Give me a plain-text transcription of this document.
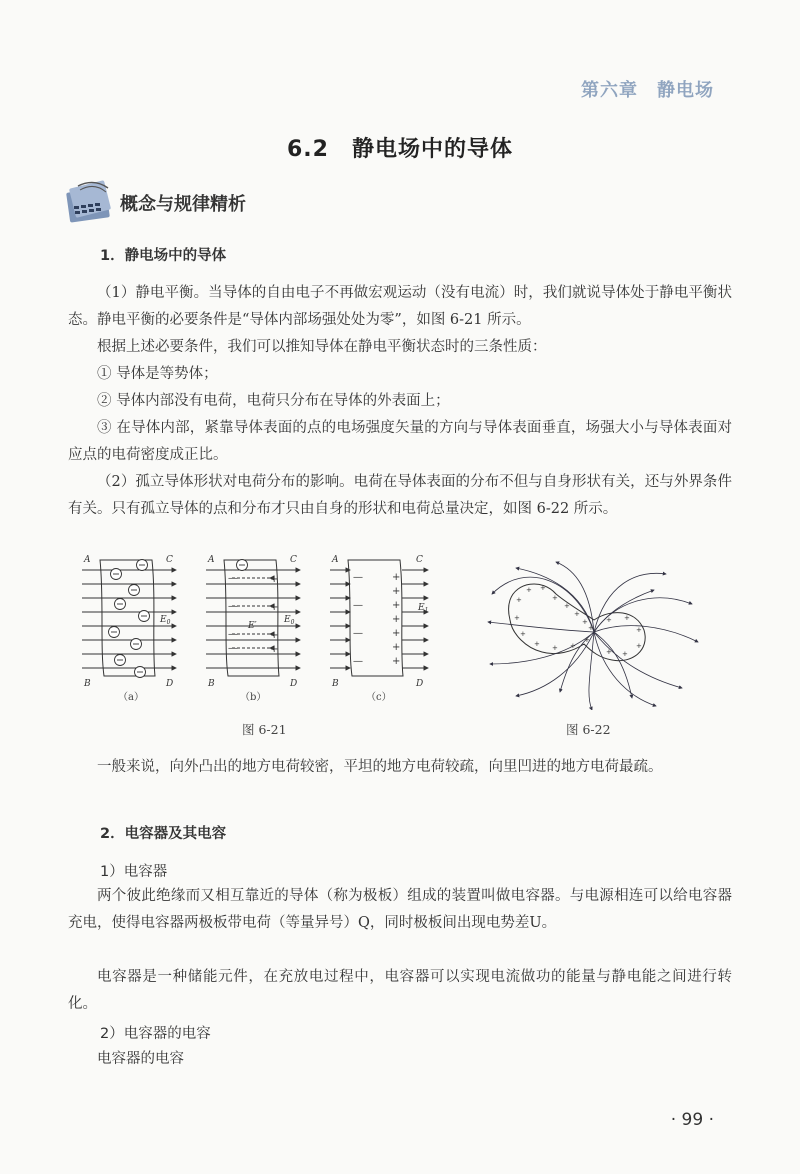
第六章　静电场
6.2　静电场中的导体
概念与规律精析
1．静电场中的导体

（1）静电平衡。当导体的自由电子不再做宏观运动（没有电流）时，我们就说导体处于静电平衡状态。静电平衡的必要条件是“导体内部场强处处为零”，如图 6-21 所示。

根据上述必要条件，我们可以推知导体在静电平衡状态时的三条性质：

① 导体是等势体；

② 导体内部没有电荷，电荷只分布在导体的外表面上；

③ 在导体内部，紧靠导体表面的点的电场强度矢量的方向与导体表面垂直，场强大小与导体表面对应点的电荷密度成正比。

（2）孤立导体形状对电荷分布的影响。电荷在导体表面的分布不但与自身形状有关，还与外界条件有关。只有孤立导体的点和分布才只由自身的形状和电荷总量决定，如图 6-22 所示。

A	C
B	D
$E_0$
—	+
—	+
—	+
—	+
E′
A	C
B	D
$E_0$
—
—
—
—
+
+
+
+
+
+
+
A	C
B	D
$E_1$
（a）	（b）	（c）
+
+ +
+
+
+
+
+
+
+
+
+
+
+	+ +
+
+
+
+
图 6-21	图 6-22

一般来说，向外凸出的地方电荷较密，平坦的地方电荷较疏，向里凹进的地方电荷最疏。

2．电容器及其电容
1）电容器

两个彼此绝缘而又相互靠近的导体（称为极板）组成的装置叫做电容器。与电源相连可以给电容器充电，使得电容器两极板带电荷（等量异号）Q，同时极板间出现电势差U。

电容器是一种储能元件，在充放电过程中，电容器可以实现电流做功的能量与静电能之间进行转化。

2）电容器的电容

电容器的电容

· 99 ·
